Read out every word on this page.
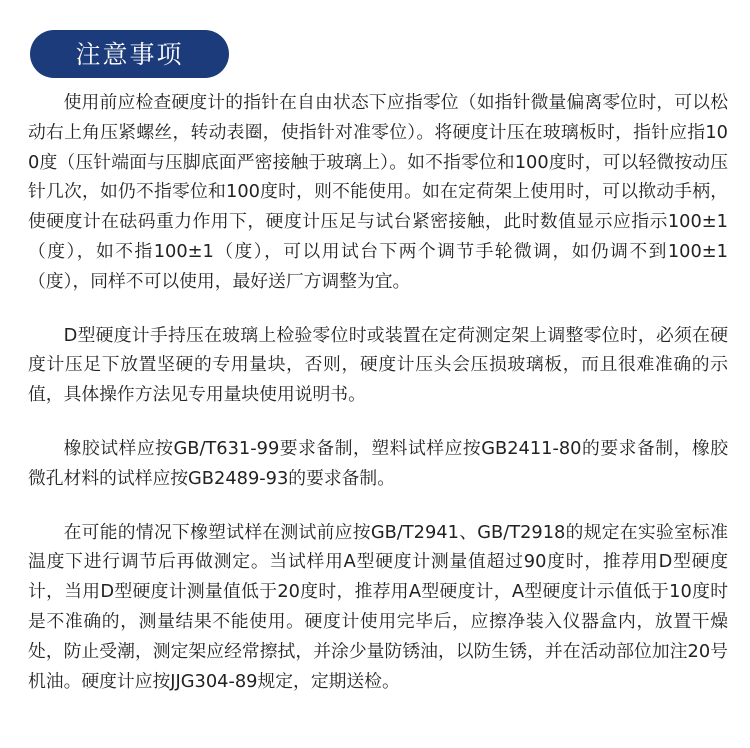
注意事项

使用前应检查硬度计的指针在自由状态下应指零位（如指针微量偏离零位时，可以松动右上角压紧螺丝，转动表圈，使指针对准零位）。将硬度计压在玻璃板时，指针应指100度（压针端面与压脚底面严密接触于玻璃上）。如不指零位和100度时，可以轻微按动压针几次，如仍不指零位和100度时，则不能使用。如在定荷架上使用时，可以揿动手柄，使硬度计在砝码重力作用下，硬度计压足与试台紧密接触，此时数值显示应指示100±1（度），如不指100±1（度），可以用试台下两个调节手轮微调，如仍调不到100±1（度），同样不可以使用，最好送厂方调整为宜。

D型硬度计手持压在玻璃上检验零位时或装置在定荷测定架上调整零位时，必须在硬度计压足下放置坚硬的专用量块，否则，硬度计压头会压损玻璃板，而且很难准确的示值，具体操作方法见专用量块使用说明书。

橡胶试样应按GB/T631-99要求备制，塑料试样应按GB2411-80的要求备制，橡胶微孔材料的试样应按GB2489-93的要求备制。

在可能的情况下橡塑试样在测试前应按GB/T2941、GB/T2918的规定在实验室标准温度下进行调节后再做测定。当试样用A型硬度计测量值超过90度时，推荐用D型硬度计，当用D型硬度计测量值低于20度时，推荐用A型硬度计，A型硬度计示值低于10度时是不准确的，测量结果不能使用。硬度计使用完毕后，应擦净装入仪器盒内，放置干燥处，防止受潮，测定架应经常擦拭，并涂少量防锈油，以防生锈，并在活动部位加注20号机油。硬度计应按JJG304-89规定，定期送检。
